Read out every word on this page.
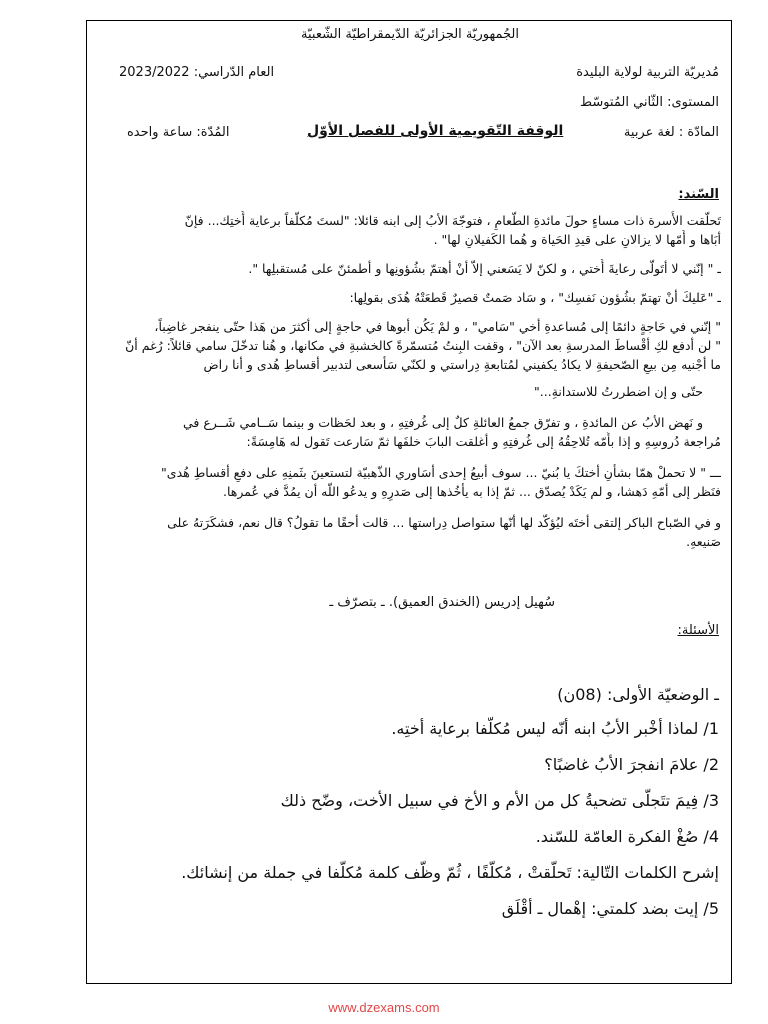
الجُمهوريّة الجزائريّة الدّيمقراطيّة الشّعبيّة
مُديريّة التربية لولاية البليدة
العام الدّراسي: 2023/2022
المستوى: الثّاني المُتوسّط
المادّة : لغة عربية
الوقفة التّقويمية الأولى للفصل الأوّل
المُدّة: ساعة واحده
السّند:
تَحلّقت الأُسرة ذات مساءٍ حولَ مائدةِ الطّعامِ ، فتوجّهَ الأبُ إلى ابنه قائلا: "لستَ مُكلّفاً برعاية أُختِك... فإنّ
أبَاها و أُمّها لا يزالانِ على قيدِ الحَياة و هُما الكَفيلانِ لها" .
ـ " إنّني لا أتَولّى رعايةَ أُختي ، و لكنّ لا يَسَعني إلاّ أنْ أهتمّ بشُؤونِها و أطمئنّ على مُستقبلِها ".
ـ "عَليكَ أنْ تهتمّ بشُؤون نَفسِك" ، و سَاد صَمتٌ قصيرٌ قَطعَتْهُ هُدَى بقولِها:
" إنّني في حَاجةٍ دائمًا إلى مُساعدةِ أخي "سَامي" ، و لمْ يَكُن أبوها في حاجةٍ إلى أكثرَ من هَذا حتّى ينفجر غاضِباً،
" لن أدفع لكِ أقْساطَ المدرسةِ بعد الآن" ، وقفت البِنتُ مُتسمّرةً كالخشبةِ في مكانها، و هُنا تدخّلَ سامي قائلاً: رُغم أنّ
ما أجْنيه مِن بيعِ الصّحيفةِ لا يكادُ يكفيني لمُتابعةِ دِراستي و لكنّي سَأسعى لتدبير أقساطِ هُدى و أنا راضٍ
حتّى و إن اضطررتُ للاستدانةِ..."
و نَهض الأبُ عن المائدةِ ، و تفرّق جمعُ العائلةِ كلٌ إلى غُرفتِهِ ، و بعد لحَظات و بينما سَــامي شَــرع في
مُراجعة دُروسِهِ و إذا بأُمّه تُلاحِقُهُ إلى غُرفتِهِ و أغلقت البابَ خلفَها ثمّ سَارعت تَقول له هَامِسَةً:
ـــ " لا تحملْ همّا بشأنِ أختكَ يا بُنيّ ... سوف أبيعُ إحدى أسَاوري الذّهبيّة لتستعينَ بثَمنِهِ على دفعِ أقساطِ هُدى"
فنَظر إلى أمّهِ دَهشا، و لم يَكَدْ يُصدّق ... ثمّ إذا به يأخُذها إلى صَدرِهِ و يدعُو اللّه أن يمُدَّ في عُمرها.
و في الصّباح الباكر إلتقى أختَه ليُؤكّد لها أنّها ستواصل دِراستها ... قالت أحقًا ما تقولُ؟ قال نعم، فشكَرَتهُ على
صَنيعهِ.
سُهيل إدريس (الخندق العميق). ـ بتصرّف ـ
الأسئلة:
ـ الوضعيّة الأولى: (08ن)
1/ لماذا أخْبر الأبُ ابنه أنّه ليس مُكلّفا برعاية أختِه.
2/ علامَ انفجرَ الأبُ غاضبًا؟
3/ فِيمَ تتَجلّى تضحيةُ كل من الأم و الأخ في سبيل الأخت، وضّح ذلك
4/ صُغْ الفكرة العامّة للسّند.
إشرح الكلمات التّالية: تَحلّقتْ ، مُكلّفًا ، ثُمّ وظّف كلمة مُكلّفا في جملة من إنشائك.
5/ إيت بضد كلمتي: إهْمال ـ أقْلَق
www.dzexams.com
